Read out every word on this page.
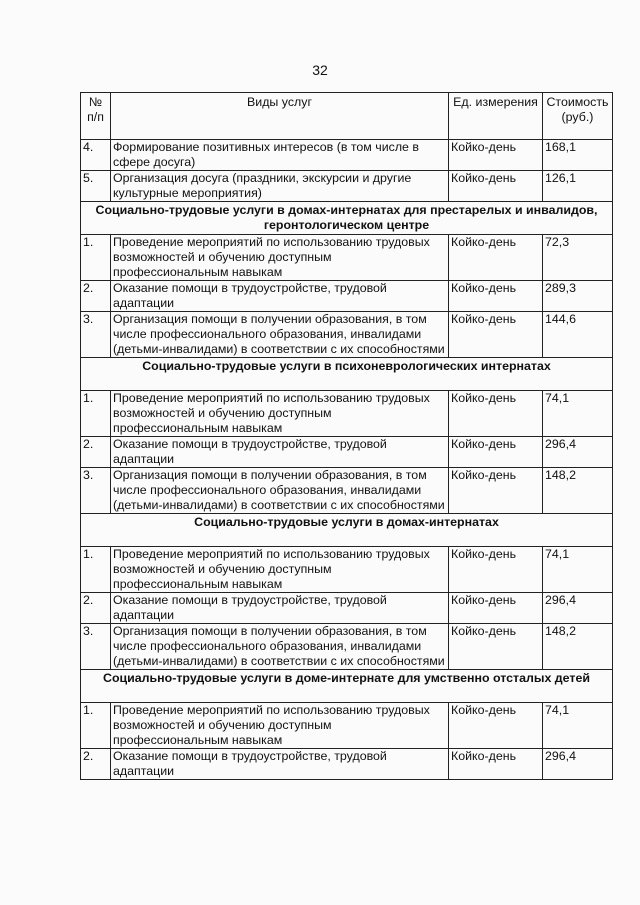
32
№ п/п	Виды услуг	Ед. измерения	Стоимость (руб.)
4.	Формирование позитивных интересов (в том числе в сфере досуга)	Койко-день	168,1
5.	Организация досуга (праздники, экскурсии и другие культурные мероприятия)	Койко-день	126,1
Социально-трудовые услуги в домах-интернатах для престарелых и инвалидов, геронтологическом центре			
1.	Проведение мероприятий по использованию трудовых возможностей и обучению доступным профессиональным навыкам	Койко-день	72,3
2.	Оказание помощи в трудоустройстве, трудовой адаптации	Койко-день	289,3
3.	Организация помощи в получении образования, в том числе профессионального образования, инвалидами (детьми-инвалидами) в соответствии с их способностями	Койко-день	144,6
Социально-трудовые услуги в психоневрологических интернатах			
1.	Проведение мероприятий по использованию трудовых возможностей и обучению доступным профессиональным навыкам	Койко-день	74,1
2.	Оказание помощи в трудоустройстве, трудовой адаптации	Койко-день	296,4
3.	Организация помощи в получении образования, в том числе профессионального образования, инвалидами (детьми-инвалидами) в соответствии с их способностями	Койко-день	148,2
Социально-трудовые услуги в домах-интернатах			
1.	Проведение мероприятий по использованию трудовых возможностей и обучению доступным профессиональным навыкам	Койко-день	74,1
2.	Оказание помощи в трудоустройстве, трудовой адаптации	Койко-день	296,4
3.	Организация помощи в получении образования, в том числе профессионального образования, инвалидами (детьми-инвалидами) в соответствии с их способностями	Койко-день	148,2
Социально-трудовые услуги в доме-интернате для умственно отсталых детей			
1.	Проведение мероприятий по использованию трудовых возможностей и обучению доступным профессиональным навыкам	Койко-день	74,1
2.	Оказание помощи в трудоустройстве, трудовой адаптации	Койко-день	296,4
